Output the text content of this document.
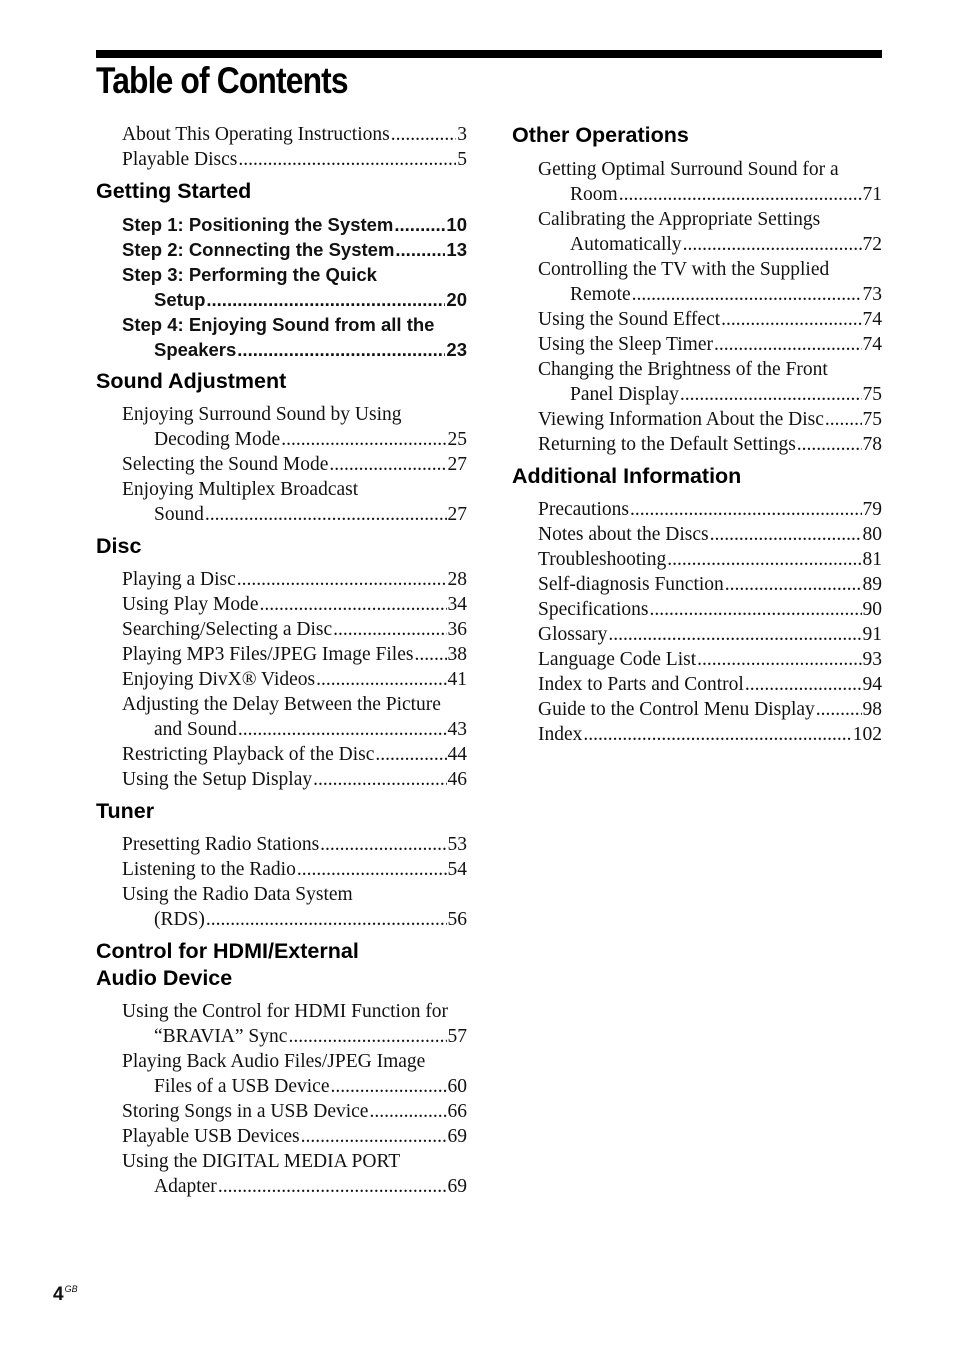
Table of Contents
About This Operating Instructions .....	3
Playable Discs .....	5
Getting Started
Step 1: Positioning the System .....	10
Step 2: Connecting the System .....	13
Step 3: Performing the Quick
Setup .....	20
Step 4: Enjoying Sound from all the
Speakers .....	23
Sound Adjustment
Enjoying Surround Sound by Using
Decoding Mode .....	25
Selecting the Sound Mode .....	27
Enjoying Multiplex Broadcast
Sound .....	27
Disc
Playing a Disc .....	28
Using Play Mode .....	34
Searching/Selecting a Disc .....	36
Playing MP3 Files/JPEG Image Files ..... 38
Enjoying DivX® Videos .....	41
Adjusting the Delay Between the Picture
and Sound .....	43
Restricting Playback of the Disc .....	44
Using the Setup Display .....	46
Tuner
Presetting Radio Stations .....	53
Listening to the Radio .....	54
Using the Radio Data System
(RDS) .....	56
Control for HDMI/External
Audio Device
Using the Control for HDMI Function for
“BRAVIA” Sync .....	57
Playing Back Audio Files/JPEG Image
Files of a USB Device .....	60
Storing Songs in a USB Device .....	66
Playable USB Devices .....	69
Using the DIGITAL MEDIA PORT
Adapter .....	69
Other Operations
Getting Optimal Surround Sound for a
Room .....	71
Calibrating the Appropriate Settings
Automatically .....	72
Controlling the TV with the Supplied
Remote .....	73
Using the Sound Effect .....	74
Using the Sleep Timer .....	74
Changing the Brightness of the Front
Panel Display .....	75
Viewing Information About the Disc ..... 75
Returning to the Default Settings .....	78
Additional Information
Precautions .....	79
Notes about the Discs .....	80
Troubleshooting .....	81
Self-diagnosis Function .....	89
Specifications .....	90
Glossary .....	91
Language Code List .....	93
Index to Parts and Control .....	94
Guide to the Control Menu Display ..... 98
Index .....	102
$4^{GB}$
